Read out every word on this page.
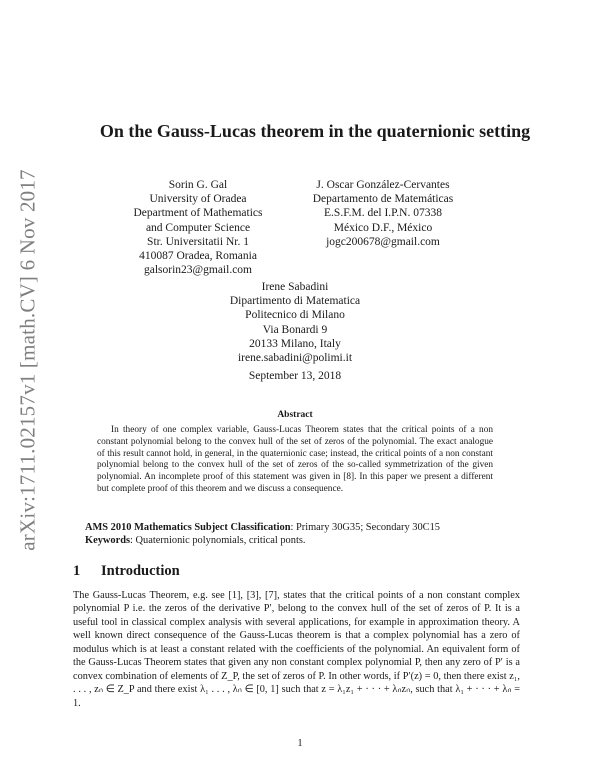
arXiv:1711.02157v1 [math.CV] 6 Nov 2017
On the Gauss-Lucas theorem in the quaternionic setting
Sorin G. Gal
University of Oradea
Department of Mathematics
and Computer Science
Str. Universitatii Nr. 1
410087 Oradea, Romania
galsorin23@gmail.com
J. Oscar González-Cervantes
Departamento de Matemáticas
E.S.F.M. del I.P.N. 07338
México D.F., México
jogc200678@gmail.com
Irene Sabadini
Dipartimento di Matematica
Politecnico di Milano
Via Bonardi 9
20133 Milano, Italy
irene.sabadini@polimi.it
September 13, 2018
Abstract
In theory of one complex variable, Gauss-Lucas Theorem states that the critical points of a non constant polynomial belong to the convex hull of the set of zeros of the polynomial. The exact analogue of this result cannot hold, in general, in the quaternionic case; instead, the critical points of a non constant polynomial belong to the convex hull of the set of zeros of the so-called symmetrization of the given polynomial. An incomplete proof of this statement was given in [8]. In this paper we present a different but complete proof of this theorem and we discuss a consequence.
AMS 2010 Mathematics Subject Classification: Primary 30G35; Secondary 30C15
Keywords: Quaternionic polynomials, critical ponts.
1 Introduction
The Gauss-Lucas Theorem, e.g. see [1], [3], [7], states that the critical points of a non constant complex polynomial P i.e. the zeros of the derivative P′, belong to the convex hull of the set of zeros of P. It is a useful tool in classical complex analysis with several applications, for example in approximation theory. A well known direct consequence of the Gauss-Lucas theorem is that a complex polynomial has a zero of modulus which is at least a constant related with the coefficients of the polynomial. An equivalent form of the Gauss-Lucas Theorem states that given any non constant complex polynomial P, then any zero of P′ is a convex combination of elements of Z_P, the set of zeros of P. In other words, if P′(z) = 0, then there exist z₁, . . . , zₙ ∈ Z_P and there exist λ₁ . . . , λₙ ∈ [0, 1] such that z = λ₁z₁ + · · · + λₙzₙ, such that λ₁ + · · · + λₙ = 1.
1
